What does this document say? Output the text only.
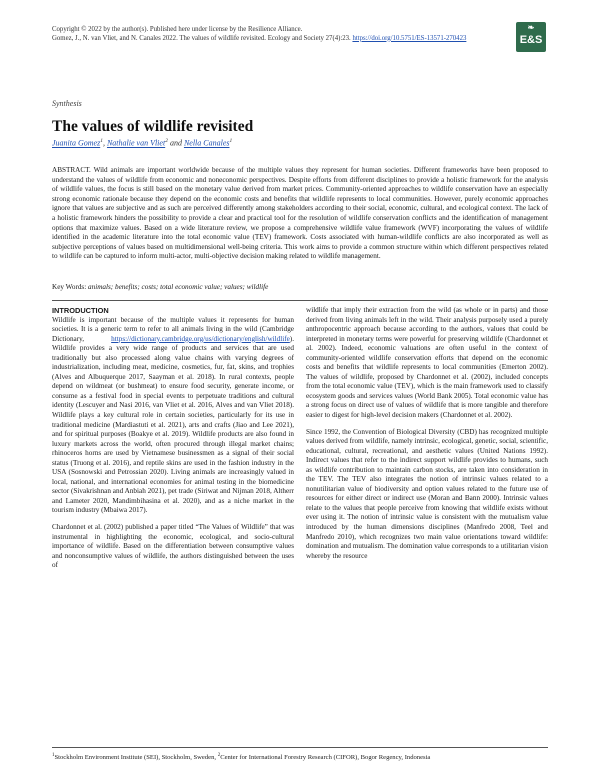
Copyright © 2022 by the author(s). Published here under license by the Resilience Alliance.
Gomez, J., N. van Vliet, and N. Canales 2022. The values of wildlife revisited. Ecology and Society 27(4):23. https://doi.org/10.5751/ES-13571-270423
❧
E&S
Synthesis
The values of wildlife revisited
Juanita Gomez$^1$, Nathalie van Vliet$^2$ and Nella Canales$^1$

ABSTRACT. Wild animals are important worldwide because of the multiple values they represent for human societies. Different frameworks have been proposed to understand the values of wildlife from economic and noneconomic perspectives. Despite efforts from different disciplines to provide a holistic framework for the analysis of wildlife values, the focus is still based on the monetary value derived from market prices. Community-oriented approaches to wildlife conservation have an especially strong economic rationale because they depend on the economic costs and benefits that wildlife represents to local communities. However, purely economic approaches ignore that values are subjective and as such are perceived differently among stakeholders according to their social, economic, cultural, and ecological context. The lack of a holistic framework hinders the possibility to provide a clear and practical tool for the resolution of wildlife conservation conflicts and the identification of management options that maximize values. Based on a wide literature review, we propose a comprehensive wildlife value framework (WVF) incorporating the values of wildlife identified in the academic literature into the total economic value (TEV) framework. Costs associated with human-wildlife conflicts are also incorporated as well as subjective perceptions of values based on multidimensional well-being criteria. This work aims to provide a common structure within which different perspectives related to wildlife can be captured to inform multi-actor, multi-objective decision making related to wildlife management.

Key Words: animals; benefits; costs; total economic value; values; wildlife
INTRODUCTION

Wildlife is important because of the multiple values it represents for human societies. It is a generic term to refer to all animals living in the wild (Cambridge Dictionary, https://dictionary.cambridge.org/us/dictionary/english/wildlife). Wildlife provides a very wide range of products and services that are used traditionally but also processed along value chains with varying degrees of industrialization, including meat, medicine, cosmetics, fur, fat, skins, and trophies (Alves and Albuquerque 2017, Saayman et al. 2018). In rural contexts, people depend on wildmeat (or bushmeat) to ensure food security, generate income, or consume as a festival food in special events to perpetuate traditions and cultural identity (Lescuyer and Nasi 2016, van Vliet et al. 2016, Alves and van Vliet 2018). Wildlife plays a key cultural role in certain societies, particularly for its use in traditional medicine (Mardiastuti et al. 2021), arts and crafts (Jiao and Lee 2021), and for spiritual purposes (Boakye et al. 2019). Wildlife products are also found in luxury markets across the world, often procured through illegal market chains; rhinoceros horns are used by Vietnamese businessmen as a signal of their social status (Truong et al. 2016), and reptile skins are used in the fashion industry in the USA (Sosnowski and Petrossian 2020). Living animals are increasingly valued in local, national, and international economies for animal testing in the biomedicine sector (Sivakrishnan and Anbiah 2021), pet trade (Siriwat and Nijman 2018, Altherr and Lameter 2020, Mandimbihasina et al. 2020), and as a niche market in the tourism industry (Mbaiwa 2017).

Chardonnet et al. (2002) published a paper titled “The Values of Wildlife” that was instrumental in highlighting the economic, ecological, and socio-cultural importance of wildlife. Based on the differentiation between consumptive values and nonconsumptive values of wildlife, the authors distinguished between the uses of

wildlife that imply their extraction from the wild (as whole or in parts) and those derived from living animals left in the wild. Their analysis purposely used a purely anthropocentric approach because according to the authors, values that could be interpreted in monetary terms were powerful for preserving wildlife (Chardonnet et al. 2002). Indeed, economic valuations are often useful in the context of community-oriented wildlife conservation efforts that depend on the economic costs and benefits that wildlife represents to local communities (Emerton 2002). The values of wildlife, proposed by Chardonnet et al. (2002), included concepts from the total economic value (TEV), which is the main framework used to classify ecosystem goods and services values (World Bank 2005). Total economic value has a strong focus on direct use of values of wildlife that is more tangible and therefore easier to digest for high-level decision makers (Chardonnet et al. 2002).

Since 1992, the Convention of Biological Diversity (CBD) has recognized multiple values derived from wildlife, namely intrinsic, ecological, genetic, social, scientific, educational, cultural, recreational, and aesthetic values (United Nations 1992). Indirect values that refer to the indirect support wildlife provides to humans, such as wildlife contribution to maintain carbon stocks, are taken into consideration in the TEV. The TEV also integrates the notion of intrinsic values related to a nonutilitarian value of biodiversity and option values related to the future use of resources for either direct or indirect use (Moran and Bann 2000). Intrinsic values relate to the values that people perceive from knowing that wildlife exists without ever using it. The notion of intrinsic value is consistent with the mutualism value introduced by the human dimensions disciplines (Manfredo 2008, Teel and Manfredo 2010), which recognizes two main value orientations toward wildlife: domination and mutualism. The domination value corresponds to a utilitarian vision whereby the resource

$^1$Stockholm Environment Institute (SEI), Stockholm, Sweden, $^2$Center for International Forestry Research (CIFOR), Bogor Regency, Indonesia
